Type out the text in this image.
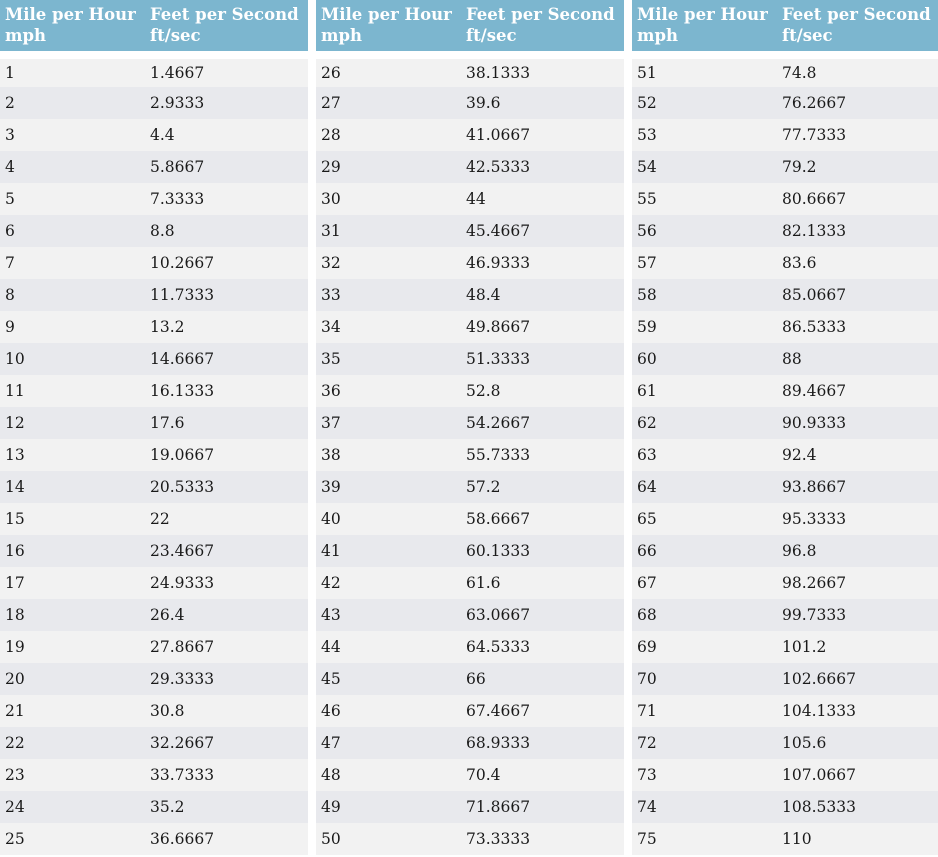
Mile per Hour
mph	Feet per Second
ft/sec

1	1.4667
2	2.9333
3	4.4
4	5.8667
5	7.3333
6	8.8
7	10.2667
8	11.7333
9	13.2
10	14.6667
11	16.1333
12	17.6
13	19.0667
14	20.5333
15	22
16	23.4667
17	24.9333
18	26.4
19	27.8667
20	29.3333
21	30.8
22	32.2667
23	33.7333
24	35.2
25	36.6667
Mile per Hour
mph	Feet per Second
ft/sec

26	38.1333
27	39.6
28	41.0667
29	42.5333
30	44
31	45.4667
32	46.9333
33	48.4
34	49.8667
35	51.3333
36	52.8
37	54.2667
38	55.7333
39	57.2
40	58.6667
41	60.1333
42	61.6
43	63.0667
44	64.5333
45	66
46	67.4667
47	68.9333
48	70.4
49	71.8667
50	73.3333
Mile per Hour
mph	Feet per Second
ft/sec

51	74.8
52	76.2667
53	77.7333
54	79.2
55	80.6667
56	82.1333
57	83.6
58	85.0667
59	86.5333
60	88
61	89.4667
62	90.9333
63	92.4
64	93.8667
65	95.3333
66	96.8
67	98.2667
68	99.7333
69	101.2
70	102.6667
71	104.1333
72	105.6
73	107.0667
74	108.5333
75	110
